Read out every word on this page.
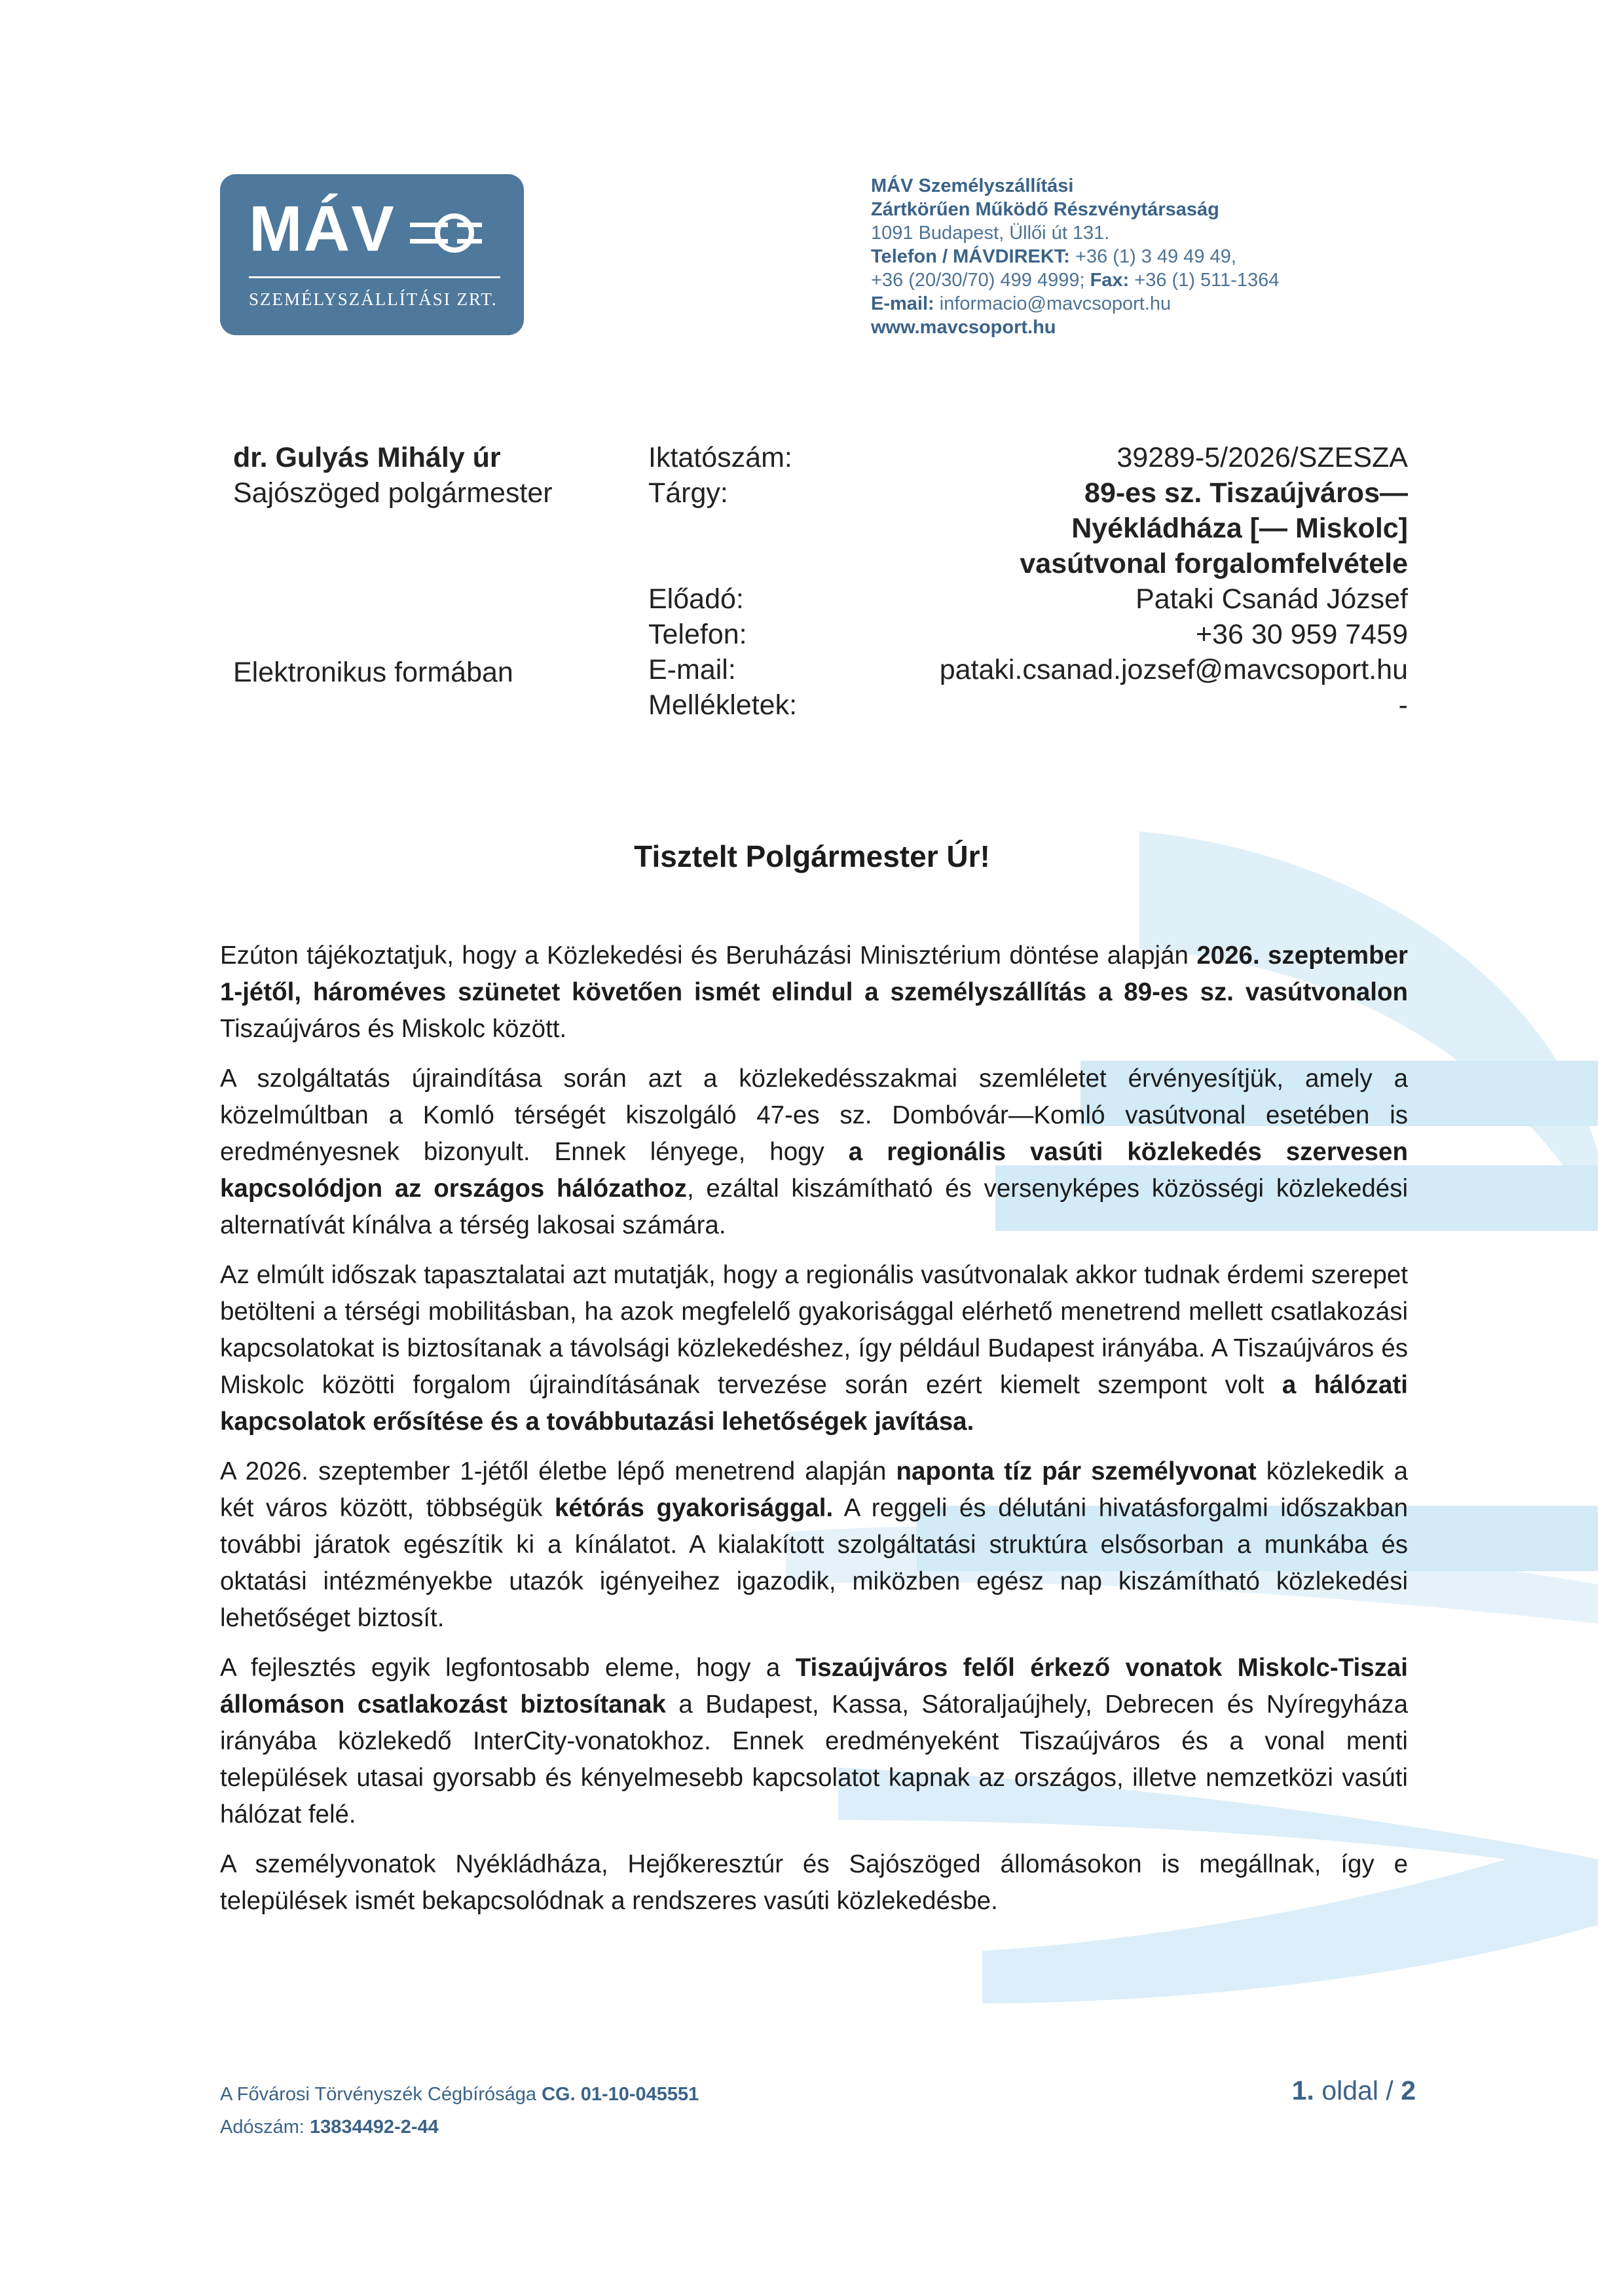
MÁV
SZEMÉLYSZÁLLÍTÁSI ZRT.
MÁV Személyszállítási
Zártkörűen Működő Részvénytársaság
1091 Budapest, Üllői út 131.
Telefon / MÁVDIREKT: +36 (1) 3 49 49 49,
+36 (20/30/70) 499 4999; Fax: +36 (1) 511-1364
E-mail: informacio@mavcsoport.hu
www.mavcsoport.hu
dr. Gulyás Mihály úr
Sajószöged polgármester
Elektronikus formában
Iktatószám:
Tárgy:

Előadó:
Telefon:
E-mail:
Mellékletek:
39289-5/2026/SZESZA
89-es sz. Tiszaújváros—
Nyékládháza [— Miskolc]
vasútvonal forgalomfelvétele
Pataki Csanád József
+36 30 959 7459
pataki.csanad.jozsef@mavcsoport.hu
-
Tisztelt Polgármester Úr!

Ezúton tájékoztatjuk, hogy a Közlekedési és Beruházási Minisztérium döntése alapján 2026. szeptember 1-jétől, hároméves szünetet követően ismét elindul a személyszállítás a 89-es sz. vasútvonalon Tiszaújváros és Miskolc között.

A szolgáltatás újraindítása során azt a közlekedésszakmai szemléletet érvényesítjük, amely a közelmúltban a Komló térségét kiszolgáló 47-es sz. Dombóvár—Komló vasútvonal esetében is eredményesnek bizonyult. Ennek lényege, hogy a regionális vasúti közlekedés szervesen kapcsolódjon az országos hálózathoz, ezáltal kiszámítható és versenyképes közösségi közlekedési alternatívát kínálva a térség lakosai számára.

Az elmúlt időszak tapasztalatai azt mutatják, hogy a regionális vasútvonalak akkor tudnak érdemi szerepet betölteni a térségi mobilitásban, ha azok megfelelő gyakorisággal elérhető menetrend mellett csatlakozási kapcsolatokat is biztosítanak a távolsági közlekedéshez, így például Budapest irányába. A Tiszaújváros és Miskolc közötti forgalom újraindításának tervezése során ezért kiemelt szempont volt a hálózati kapcsolatok erősítése és a továbbutazási lehetőségek javítása.

A 2026. szeptember 1-jétől életbe lépő menetrend alapján naponta tíz pár személyvonat közlekedik a két város között, többségük kétórás gyakorisággal. A reggeli és délutáni hivatásforgalmi időszakban további járatok egészítik ki a kínálatot. A kialakított szolgáltatási struktúra elsősorban a munkába és oktatási intézményekbe utazók igényeihez igazodik, miközben egész nap kiszámítható közlekedési lehetőséget biztosít.

A fejlesztés egyik legfontosabb eleme, hogy a Tiszaújváros felől érkező vonatok Miskolc-Tiszai állomáson csatlakozást biztosítanak a Budapest, Kassa, Sátoraljaújhely, Debrecen és Nyíregyháza irányába közlekedő InterCity-vonatokhoz. Ennek eredményeként Tiszaújváros és a vonal menti települések utasai gyorsabb és kényelmesebb kapcsolatot kapnak az országos, illetve nemzetközi vasúti hálózat felé.

A személyvonatok Nyékládháza, Hejőkeresztúr és Sajószöged állomásokon is megállnak, így e települések ismét bekapcsolódnak a rendszeres vasúti közlekedésbe.

A Fővárosi Törvényszék Cégbírósága CG. 01-10-045551
Adószám: 13834492-2-44
1. oldal / 2
